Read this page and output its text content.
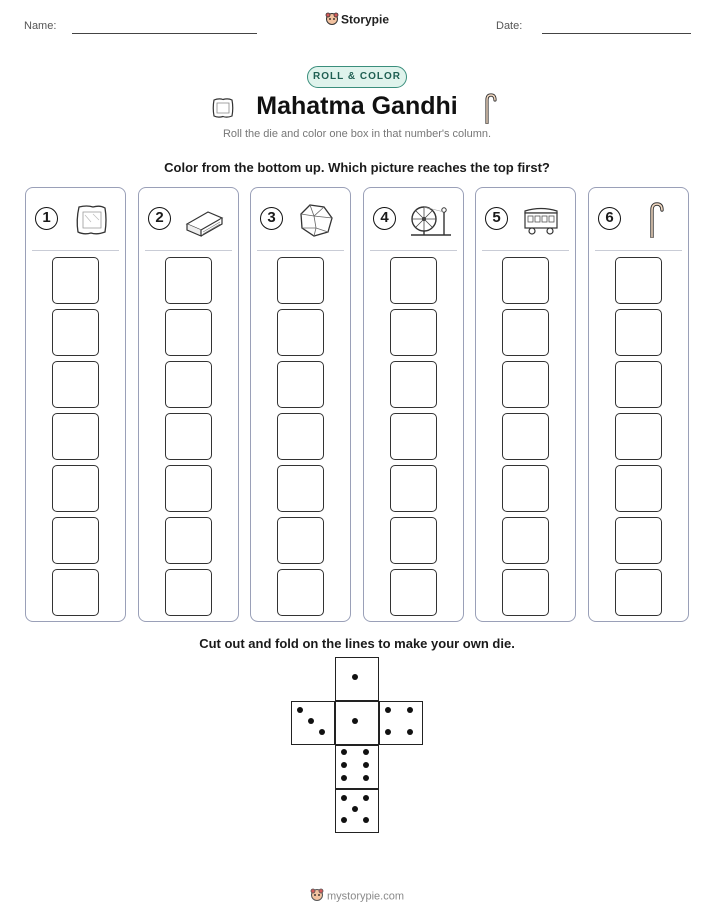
Name:	Storypie	Date:
ROLL & COLOR
Mahatma Gandhi
Roll the die and color one box in that number's column.
Color from the bottom up. Which picture reaches the top first?
1	2	3	4	5	6
Cut out and fold on the lines to make your own die.
mystorypie.com
